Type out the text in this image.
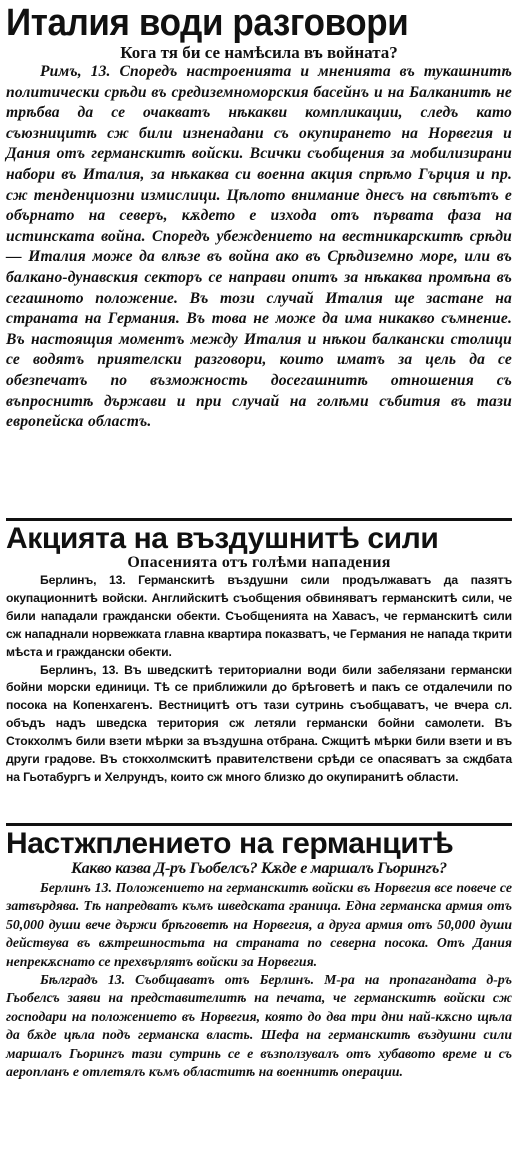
Италия води разговори
Кога тя би се намѣсила въ войната?

Римъ, 13. Споредъ настроенията и мненията въ тукашнитѣ политически срѣди въ средиземноморския басейнъ и на Балканитѣ не трѣбва да се очакватъ нѣкакви компликации, следъ като съюзницитѣ сж били изненадани съ окупирането на Норвегия и Дания отъ германскитѣ войски. Всички съобщения за мобилизирани набори въ Италия, за нѣкаква си военна акция спрѣмо Гърция и пр. сж тенденциозни измислици. Цѣлото внимание днесъ на свѣтътъ е обърнато на северъ, кѫдето е изхода отъ първата фаза на истинската война. Споредъ убеждението на вестникарскитѣ срѣди — Италия може да влѣзе въ война ако въ Срѣдиземно море, или въ балкано-дунавския секторъ се направи опитъ за нѣкаква промѣна въ сегашното положение. Въ този случай Италия ще застане на страната на Германия. Въ това не може да има никакво съмнение. Въ настоящия моментъ между Италия и нѣкои балкански столици се водятъ приятелски разговори, които иматъ за цель да се обезпечатъ по възможность досегашнитѣ отношения съ въпроснитѣ държави и при случай на голѣми събития въ тази европейска областъ.

Акцията на въздушнитѣ сили
Опасенията отъ голѣми нападения

Берлинъ, 13. Германскитѣ въздушни сили продължаватъ да пазятъ окупационнитѣ войски. Английскитѣ съобщения обвиняватъ германскитѣ сили, че били нападали граждански обекти. Съобщенията на Хавасъ, че германскитѣ сили сж нападнали норвежката главна квартира показватъ, че Германия не напада ткрити мѣста и граждански обекти.

Берлинъ, 13. Въ шведскитѣ териториални води били забелязани германски бойни морски единици. Тѣ се приближили до брѣговетѣ и пакъ се отдалечили по посока на Копенхагенъ. Вестницитѣ отъ тази сутринь съобщаватъ, че вчера сл. объдъ надъ шведска територия сж летяли германски бойни самолети. Въ Стокхолмъ били взети мѣрки за въздушна отбрана. Сжщитѣ мѣрки били взети и въ други градове. Въ стокхолмскитѣ правителствени срѣди се опасяватъ за сждбата на Гьотабургъ и Хелрундъ, които сж много близко до окупиранитѣ области.

Настжплението на германцитѣ
Какво казва Д-ръ Гьобелсъ? Кѫде е маршалъ Гьорингъ?

Берлинъ 13. Положението на германскитѣ войски въ Норвегия все повече се затвърдява. Тѣ напредватъ къмъ шведската граница. Една германска армия отъ 50,000 души вече държи брѣговетѣ на Норвегия, а друга армия отъ 50,000 души действува въ вѫтрешностьта на страната по северна посока. Отъ Дания непрекѫснато се прехвърлятъ войски за Норвегия.

Бѣлградъ 13. Съобщаватъ отъ Берлинъ. М-ра на пропагандата д-ръ Гьобелсъ заяви на представителитѣ на печата, че германскитѣ войски сж господари на положението въ Норвегия, която до два три дни най-кѫсно щѣла да бѫде цѣла подъ германска власть. Шефа на германскитѣ въздушни сили маршалъ Гьорингъ тази сутринь се е възползувалъ отъ хубавото време и съ аеропланъ е отлетялъ къмъ областитѣ на военнитѣ операции.
